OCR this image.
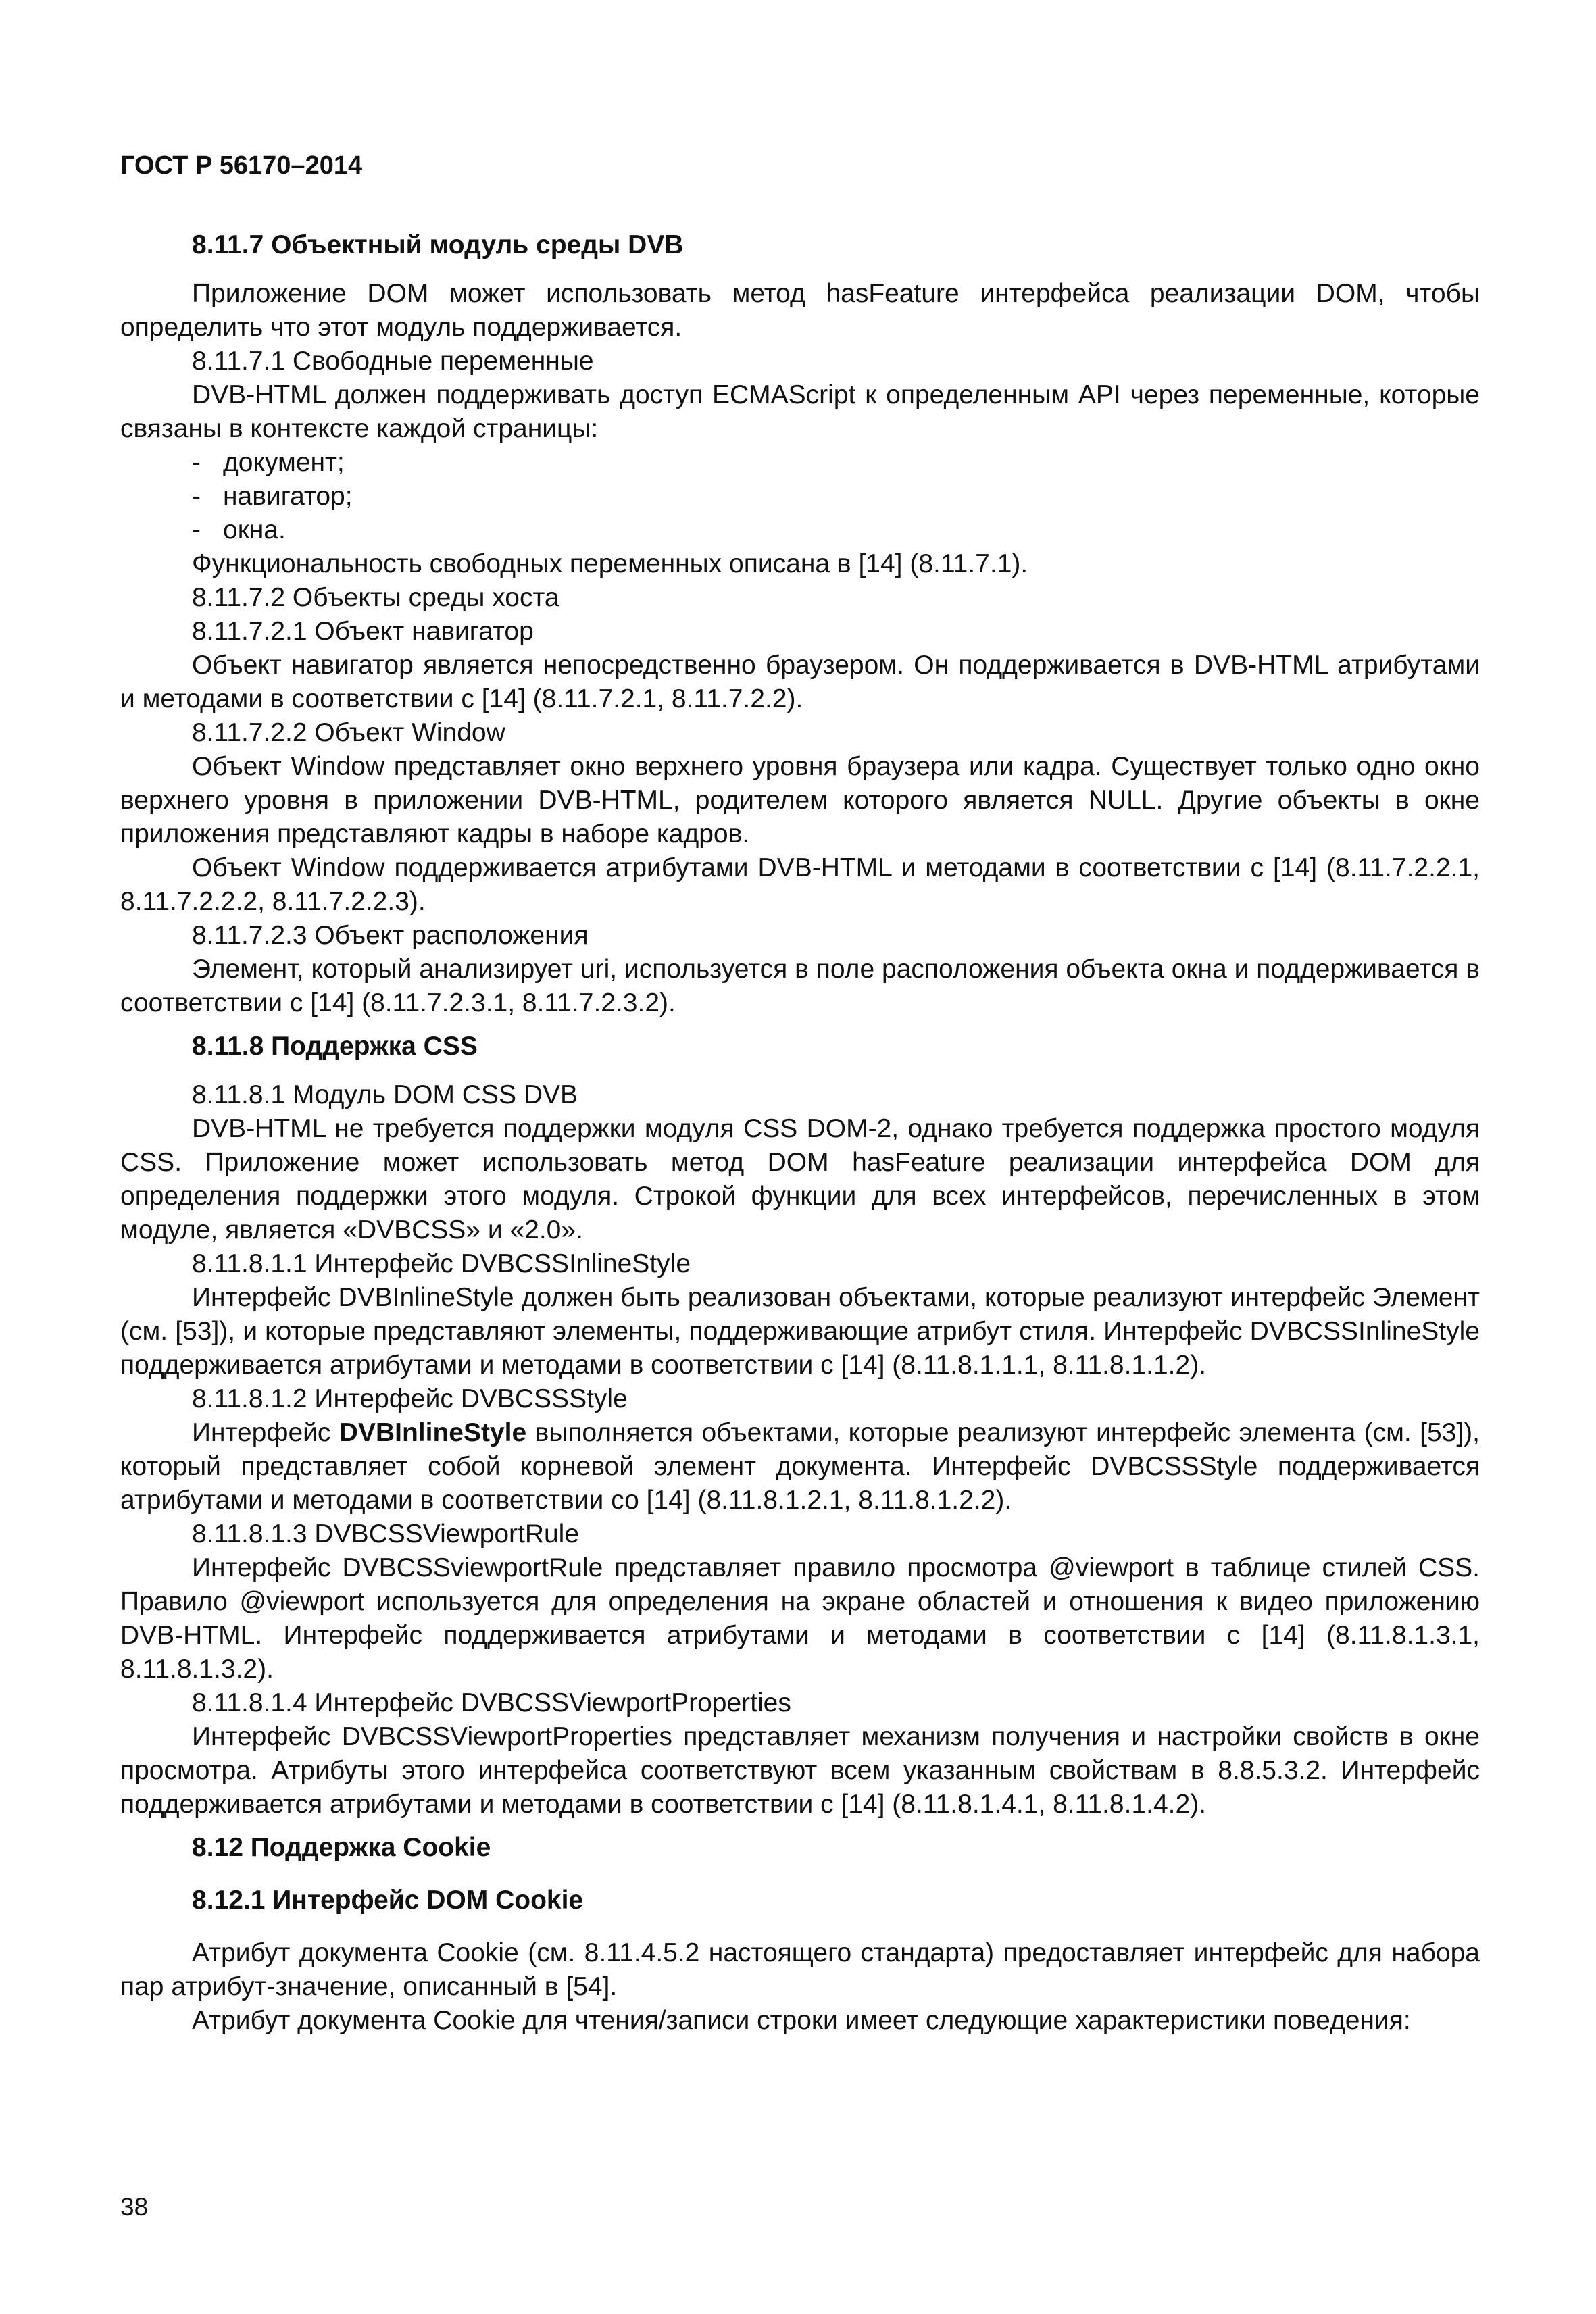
ГОСТ Р 56170–2014
8.11.7 Объектный модуль среды DVB

Приложение DOM может использовать метод hasFeature интерфейса реализации DOM, чтобы определить что этот модуль поддерживается.

8.11.7.1 Свободные переменные

DVB-HTML должен поддерживать доступ ECMAScript к определенным API через переменные, которые связаны в контексте каждой страницы:

- документ;

- навигатор;

- окна.

Функциональность свободных переменных описана в [14] (8.11.7.1).

8.11.7.2 Объекты среды хоста

8.11.7.2.1 Объект навигатор

Объект навигатор является непосредственно браузером. Он поддерживается в DVB-HTML атрибутами и методами в соответствии с [14] (8.11.7.2.1, 8.11.7.2.2).

8.11.7.2.2 Объект Window

Объект Window представляет окно верхнего уровня браузера или кадра. Существует только одно окно верхнего уровня в приложении DVB-HTML, родителем которого является NULL. Другие объекты в окне приложения представляют кадры в наборе кадров.

Объект Window поддерживается атрибутами DVB-HTML и методами в соответствии с [14] (8.11.7.2.2.1, 8.11.7.2.2.2, 8.11.7.2.2.3).

8.11.7.2.3 Объект расположения

Элемент, который анализирует uri, используется в поле расположения объекта окна и поддерживается в соответствии с [14] (8.11.7.2.3.1, 8.11.7.2.3.2).

8.11.8 Поддержка CSS

8.11.8.1 Модуль DOM CSS DVB

DVB-HTML не требуется поддержки модуля CSS DOM-2, однако требуется поддержка простого модуля CSS. Приложение может использовать метод DOM hasFeature реализации интерфейса DOM для определения поддержки этого модуля. Строкой функции для всех интерфейсов, перечисленных в этом модуле, является «DVBCSS» и «2.0».

8.11.8.1.1 Интерфейс DVBCSSInlineStyle

Интерфейс DVBInlineStyle должен быть реализован объектами, которые реализуют интерфейс Элемент (см. [53]), и которые представляют элементы, поддерживающие атрибут стиля. Интерфейс DVBCSSInlineStyle поддерживается атрибутами и методами в соответствии с [14] (8.11.8.1.1.1, 8.11.8.1.1.2).

8.11.8.1.2 Интерфейс DVBCSSStyle

Интерфейс DVBInlineStyle выполняется объектами, которые реализуют интерфейс элемента (см. [53]), который представляет собой корневой элемент документа. Интерфейс DVBCSSStyle поддерживается атрибутами и методами в соответствии со [14] (8.11.8.1.2.1, 8.11.8.1.2.2).

8.11.8.1.3 DVBCSSViewportRule

Интерфейс DVBCSSviewportRule представляет правило просмотра @viewport в таблице стилей CSS. Правило @viewport используется для определения на экране областей и отношения к видео приложению DVB-HTML. Интерфейс поддерживается атрибутами и методами в соответствии с [14] (8.11.8.1.3.1, 8.11.8.1.3.2).

8.11.8.1.4 Интерфейс DVBCSSViewportProperties

Интерфейс DVBCSSViewportProperties представляет механизм получения и настройки свойств в окне просмотра. Атрибуты этого интерфейса соответствуют всем указанным свойствам в 8.8.5.3.2. Интерфейс поддерживается атрибутами и методами в соответствии с [14] (8.11.8.1.4.1, 8.11.8.1.4.2).

8.12 Поддержка Cookie
8.12.1 Интерфейс DOM Cookie

Атрибут документа Cookie (см. 8.11.4.5.2 настоящего стандарта) предоставляет интерфейс для набора пар атрибут-значение, описанный в [54].

Атрибут документа Cookie для чтения/записи строки имеет следующие характеристики поведения:

38
